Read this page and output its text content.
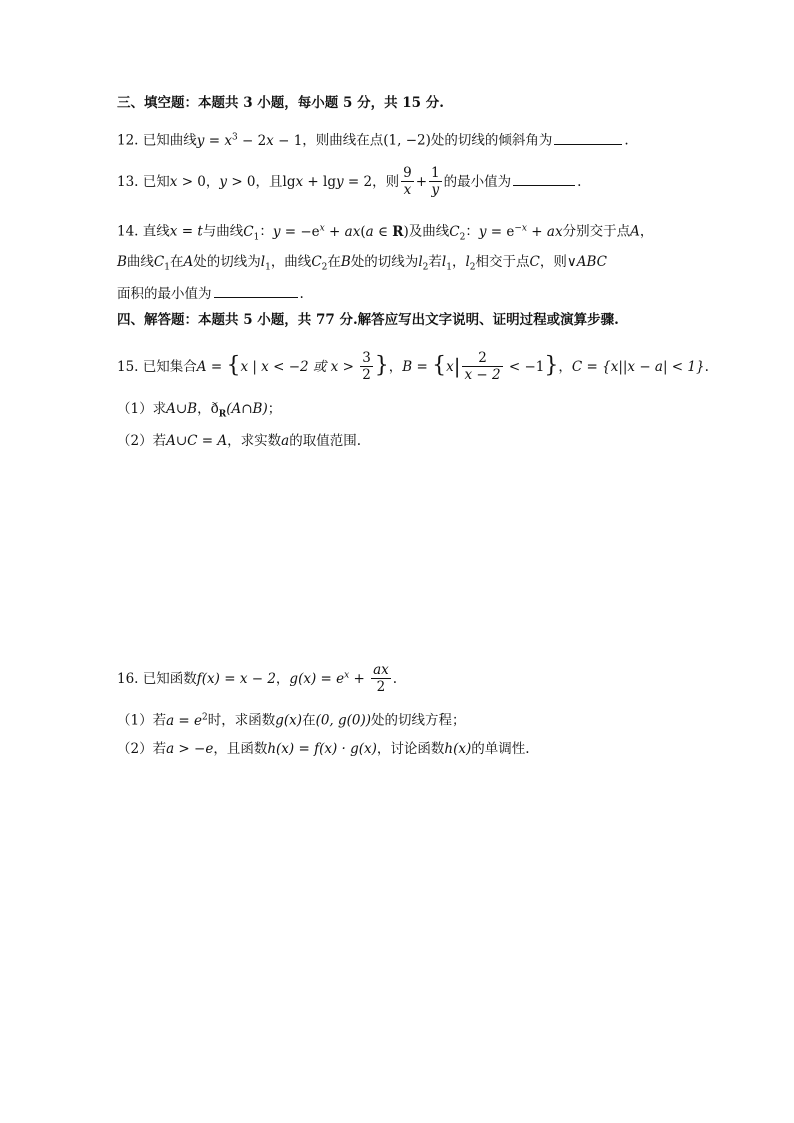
三、填空题：本题共 3 小题，每小题 5 分，共 15 分.
12. 已知曲线$y = x^3 - 2x - 1$，则曲线在点(1, −2)处的切线的倾斜角为	.
13. 已知x > 0，y > 0，且lgx + lgy = 2，则 $\frac{9}{x} + \frac{1}{y}$ 的最小值为	.
14. 直线x = t与曲线$C_1$：$y = -e^x + ax(a$ ∈ R)及曲线$C_2$：$y = e^{-x}$ + ax分别交于点A，
B曲线$C_1$在A处的切线为$l_1$，曲线$C_2$在B处的切线为$l_2$若$l_1$，$l_2$相交于点C，则∨ABC
面积的最小值为	.
四、解答题：本题共 5 小题，共 77 分.解答应写出文字说明、证明过程或演算步骤.
15. 已知集合A = {x | x < −2 或 $x > \frac{3}{2}$ }，$B = \{x| \frac{2}{x - 2} < -1\}$，C = {x||x − a| < 1}.
（1）求A∪B，$ð_R(A\cap B)$；
（2）若A∪C = A，求实数a的取值范围.
16. 已知函数f(x) = x − 2，$g(x) = e^x + \frac{ax}{2}$ .
（1）若$a = e^2$时，求函数g(x)在(0, g(0))处的切线方程；
（2）若a > −e，且函数h(x) = f(x) · g(x)，讨论函数h(x)的单调性.
